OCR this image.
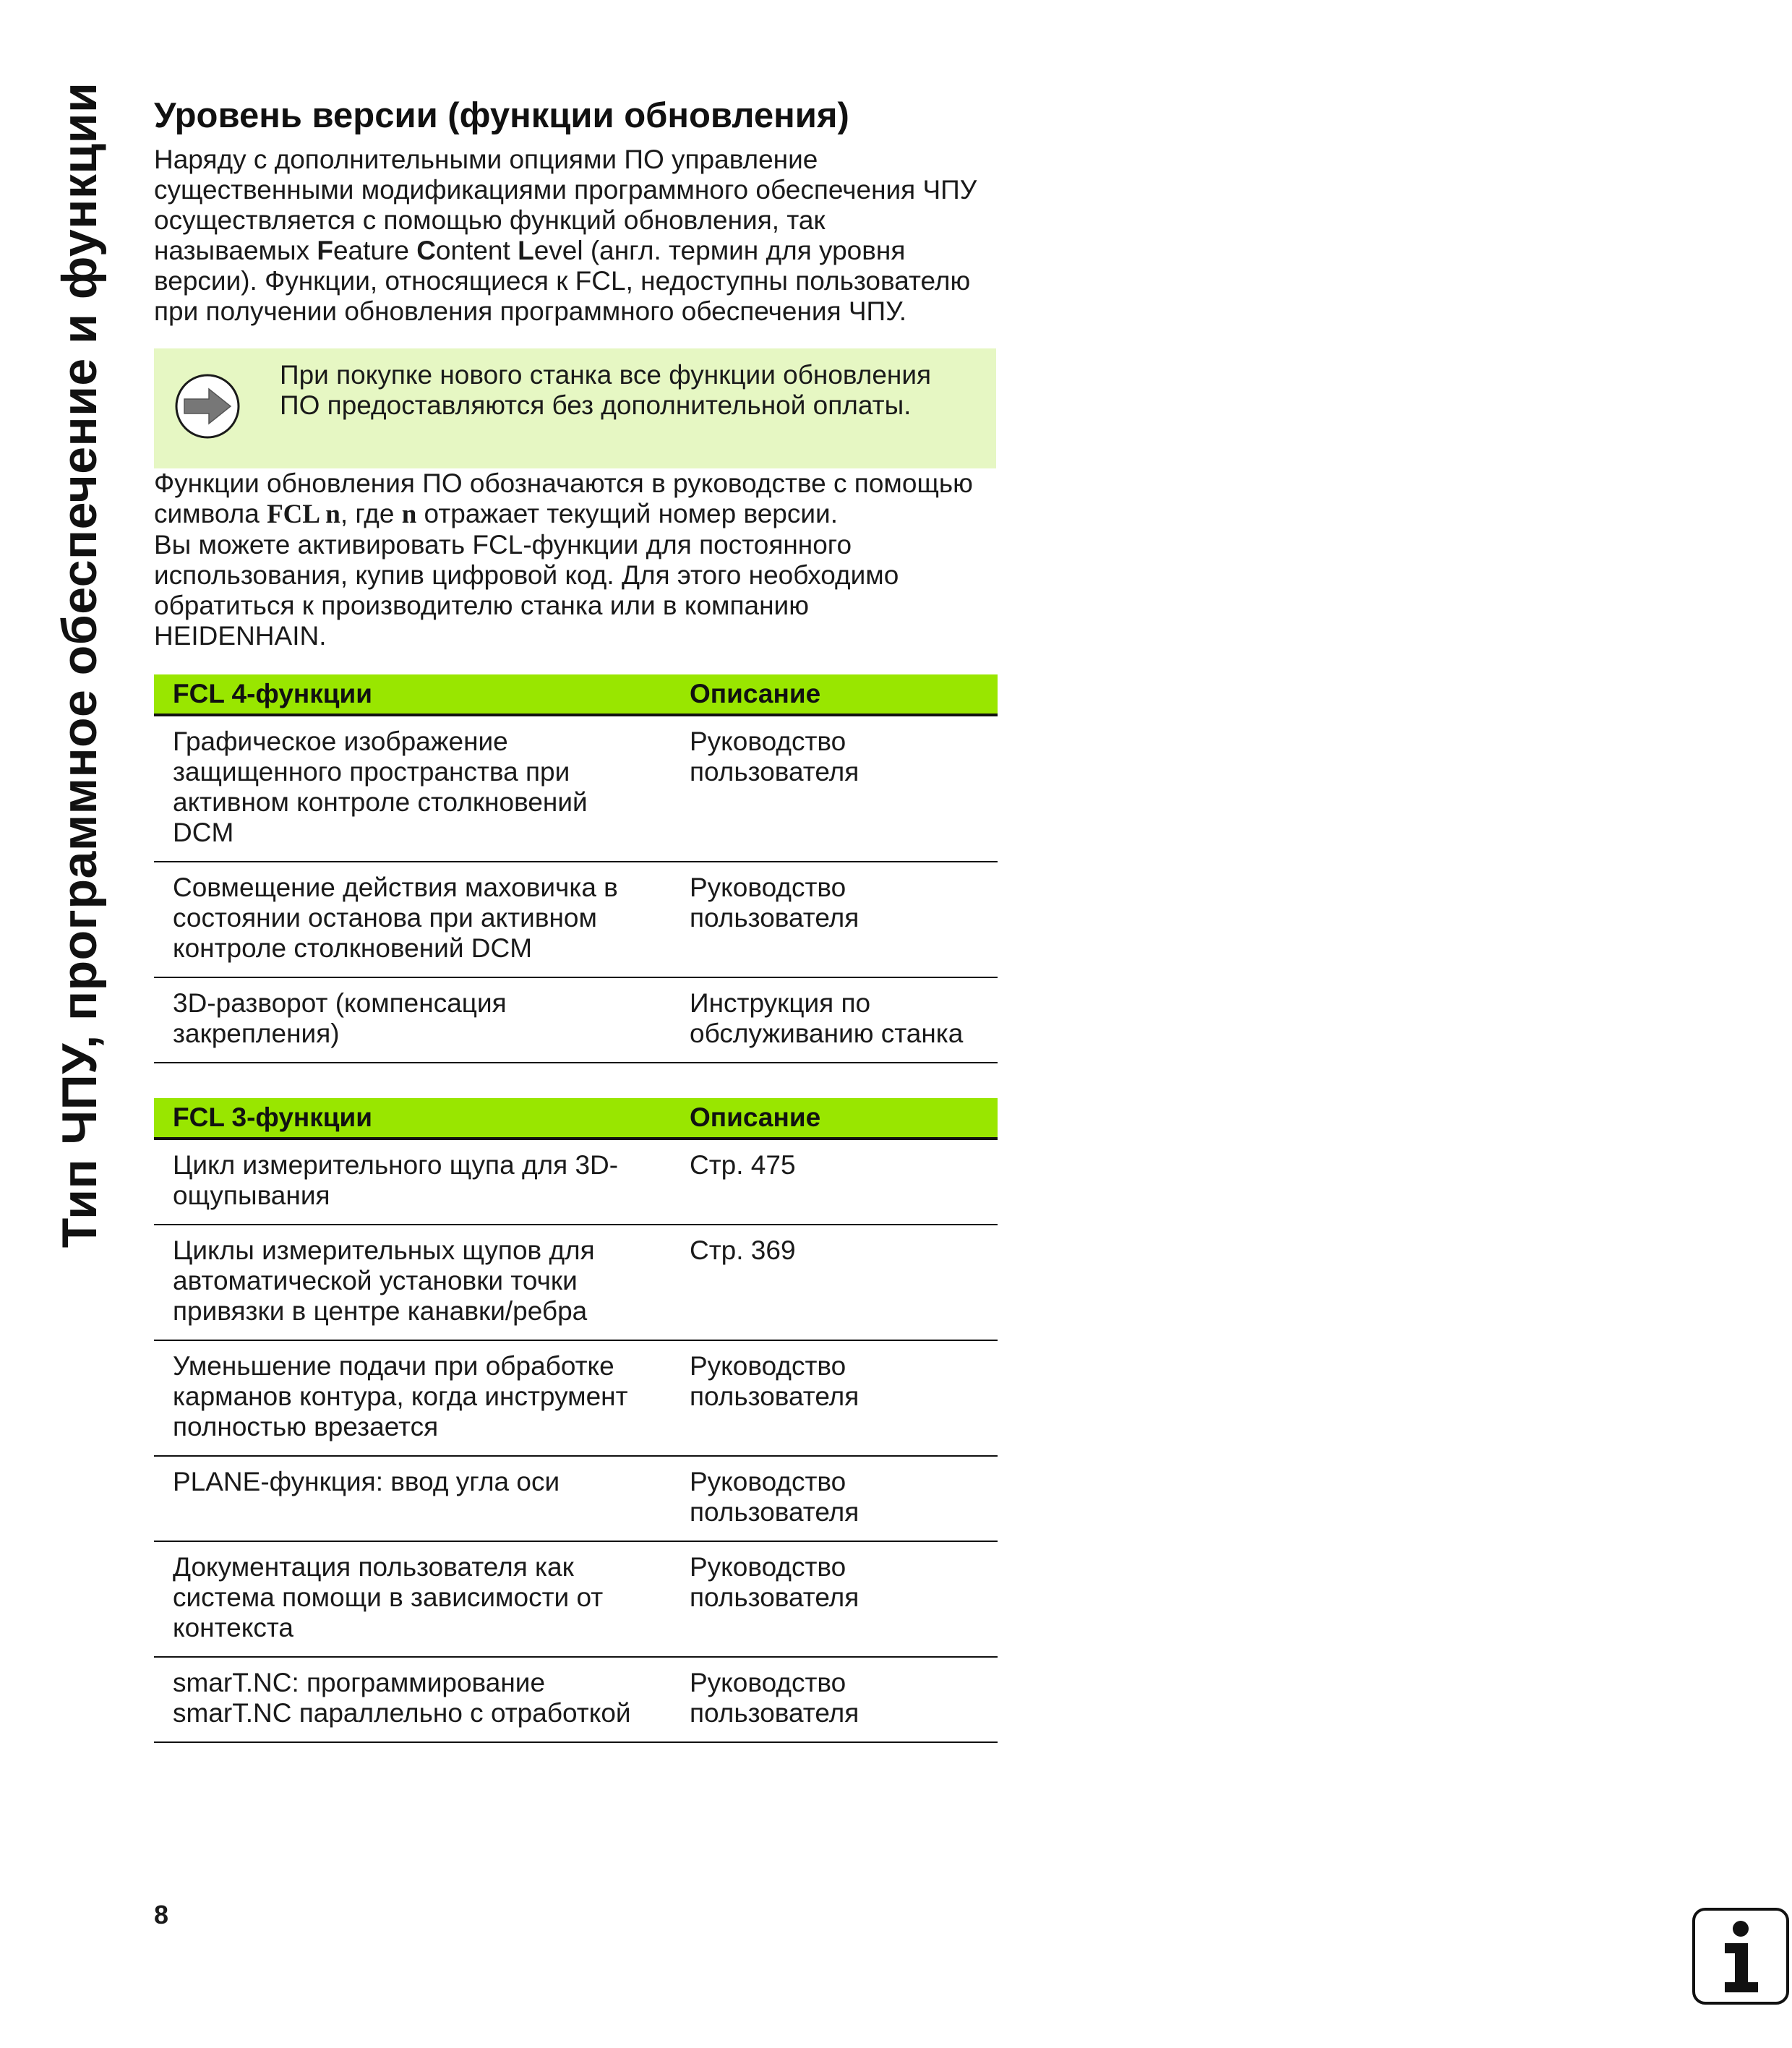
Тип ЧПУ, программное обеспечение и функции Уровень версии (функции обновления)

Наряду с дополнительными опциями ПО управление
существенными модификациями программного обеспечения ЧПУ
осуществляется с помощью функций обновления, так
называемых Feature Content Level (англ. термин для уровня
версии). Функции, относящиеся к FCL, недоступны пользователю
при получении обновления программного обеспечения ЧПУ.

При покупке нового станка все функции обновления
ПО предоставляются без дополнительной оплаты.

Функции обновления ПО обозначаются в руководстве с помощью
символа FCL n, где n отражает текущий номер версии.

Вы можете активировать FCL-функции для постоянного
использования, купив цифровой код. Для этого необходимо
обратиться к производителю станка или в компанию
HEIDENHAIN.

FCL 4-функции	Описание
Графическое изображение
защищенного пространства при
активном контроле столкновений
DCM	Руководство
пользователя
Совмещение действия маховичка в
состоянии останова при активном
контроле столкновений DCM	Руководство
пользователя
3D-разворот (компенсация
закрепления)	Инструкция по
обслуживанию станка
FCL 3-функции	Описание
Цикл измерительного щупа для 3D-
ощупывания	Стр. 475
Циклы измерительных щупов для
автоматической установки точки
привязки в центре канавки/ребра	Стр. 369
Уменьшение подачи при обработке
карманов контура, когда инструмент
полностью врезается	Руководство
пользователя
PLANE-функция: ввод угла оси	Руководство
пользователя
Документация пользователя как
система помощи в зависимости от
контекста	Руководство
пользователя
smarT.NC: программирование
smarT.NC параллельно с отработкой	Руководство
пользователя
8
